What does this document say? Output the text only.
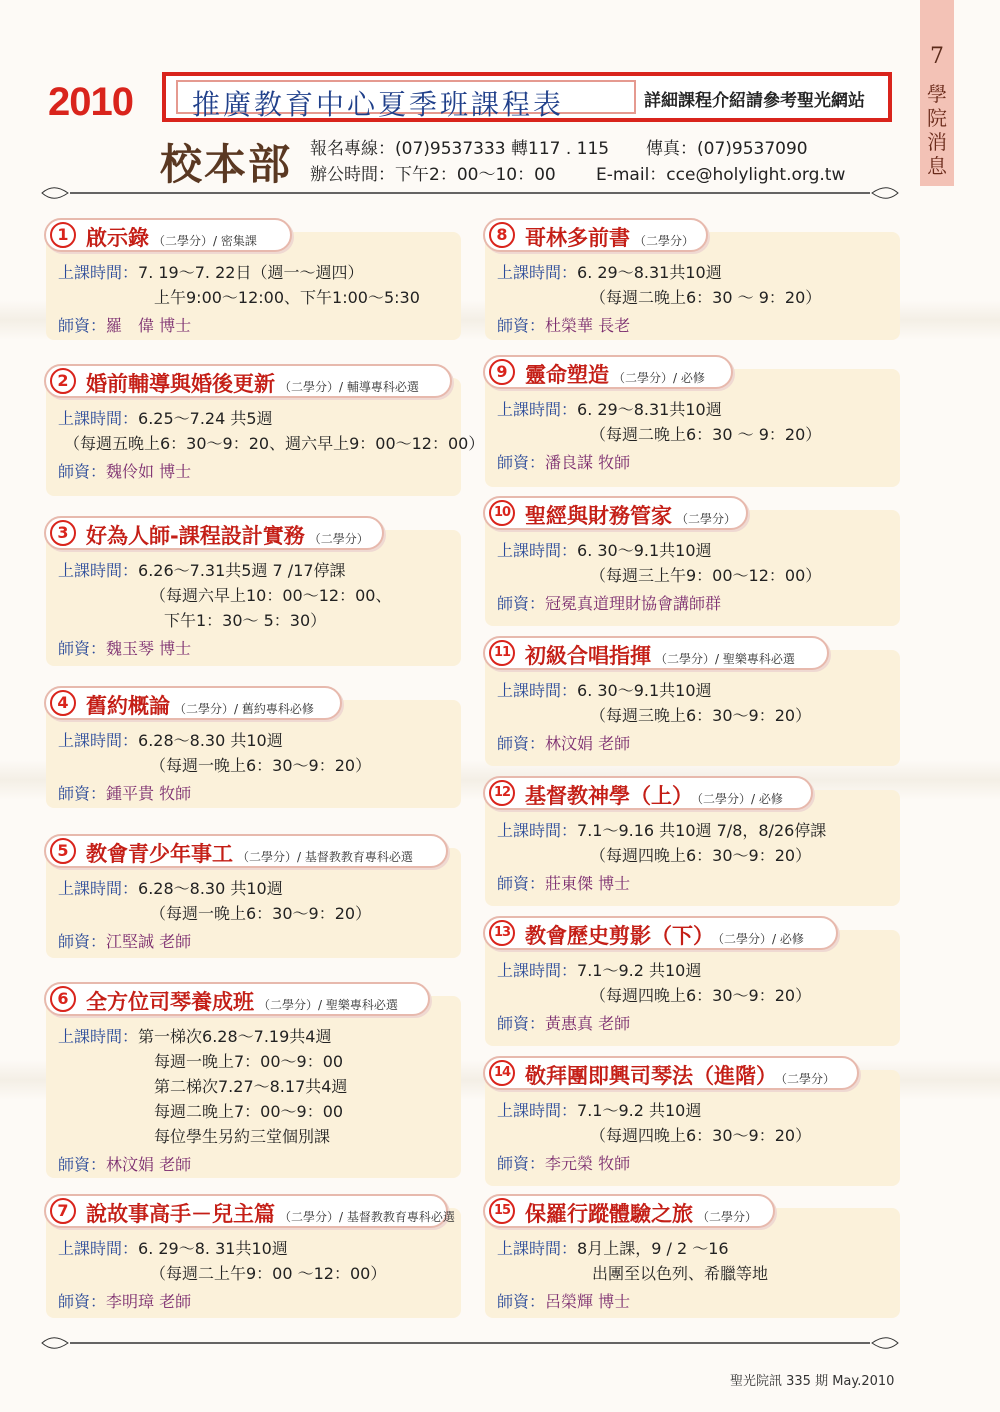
7
學院消息
2010 推廣教育中心夏季班課程表	詳細課程介紹請參考聖光網站
校本部 報名專線：(07)9537333 轉117 . 115 傳真：(07)9537090
辦公時間：下午2：00～10：00 E-mail：cce@holylight.org.tw
1 啟示錄 （二學分）/ 密集課
上課時間：7. 19～7. 22日（週一～週四）
上午9:00～12:00、下午1:00～5:30
師資：羅　偉 博士
2 婚前輔導與婚後更新 （二學分）/ 輔導專科必選
上課時間：6.25～7.24 共5週
（每週五晚上6：30～9：20、週六早上9：00～12：00）
師資：魏伶如 博士
3 好為人師-課程設計實務 （二學分）
上課時間：6.26～7.31共5週 7 /17停課
（每週六早上10：00～12：00、
下午1：30～ 5：30）
師資：魏玉琴 博士
4 舊約概論 （二學分）/ 舊約專科必修
上課時間：6.28～8.30 共10週
（每週一晚上6：30～9：20）
師資：鍾平貴 牧師
5 教會青少年事工 （二學分）/ 基督教教育專科必選
上課時間：6.28～8.30 共10週
（每週一晚上6：30～9：20）
師資：江堅誠 老師
6 全方位司琴養成班 （二學分）/ 聖樂專科必選
上課時間：第一梯次6.28～7.19共4週
每週一晚上7：00～9：00
第二梯次7.27～8.17共4週
每週二晚上7：00～9：00
每位學生另約三堂個別課
師資：林汶娟 老師
7 說故事高手－兒主篇 （二學分）/ 基督教教育專科必選
上課時間：6. 29～8. 31共10週
（每週二上午9：00 ～12：00）
師資：李明璋 老師
8 哥林多前書 （二學分）
上課時間：6. 29～8.31共10週
（每週二晚上6：30 ～ 9：20）
師資：杜榮華 長老
9 靈命塑造 （二學分）/ 必修
上課時間：6. 29～8.31共10週
（每週二晚上6：30 ～ 9：20）
師資：潘良謀 牧師
10 聖經與財務管家 （二學分）
上課時間：6. 30～9.1共10週
（每週三上午9：00～12：00）
師資：冠冕真道理財協會講師群
11 初級合唱指揮 （二學分）/ 聖樂專科必選
上課時間：6. 30～9.1共10週
（每週三晚上6：30～9：20）
師資：林汶娟 老師
12 基督教神學（上） （二學分）/ 必修
上課時間：7.1～9.16 共10週 7/8，8/26停課
（每週四晚上6：30～9：20）
師資：莊東傑 博士
13 教會歷史剪影（下） （二學分）/ 必修
上課時間：7.1～9.2 共10週
（每週四晚上6：30～9：20）
師資：黃惠真 老師
14 敬拜團即興司琴法（進階） （二學分）
上課時間：7.1～9.2 共10週
（每週四晚上6：30～9：20）
師資：李元榮 牧師
15 保羅行蹤體驗之旅 （二學分）
上課時間：8月上課，9 / 2 ～16
出團至以色列、希臘等地
師資：呂榮輝 博士
聖光院訊 335 期 May.2010
